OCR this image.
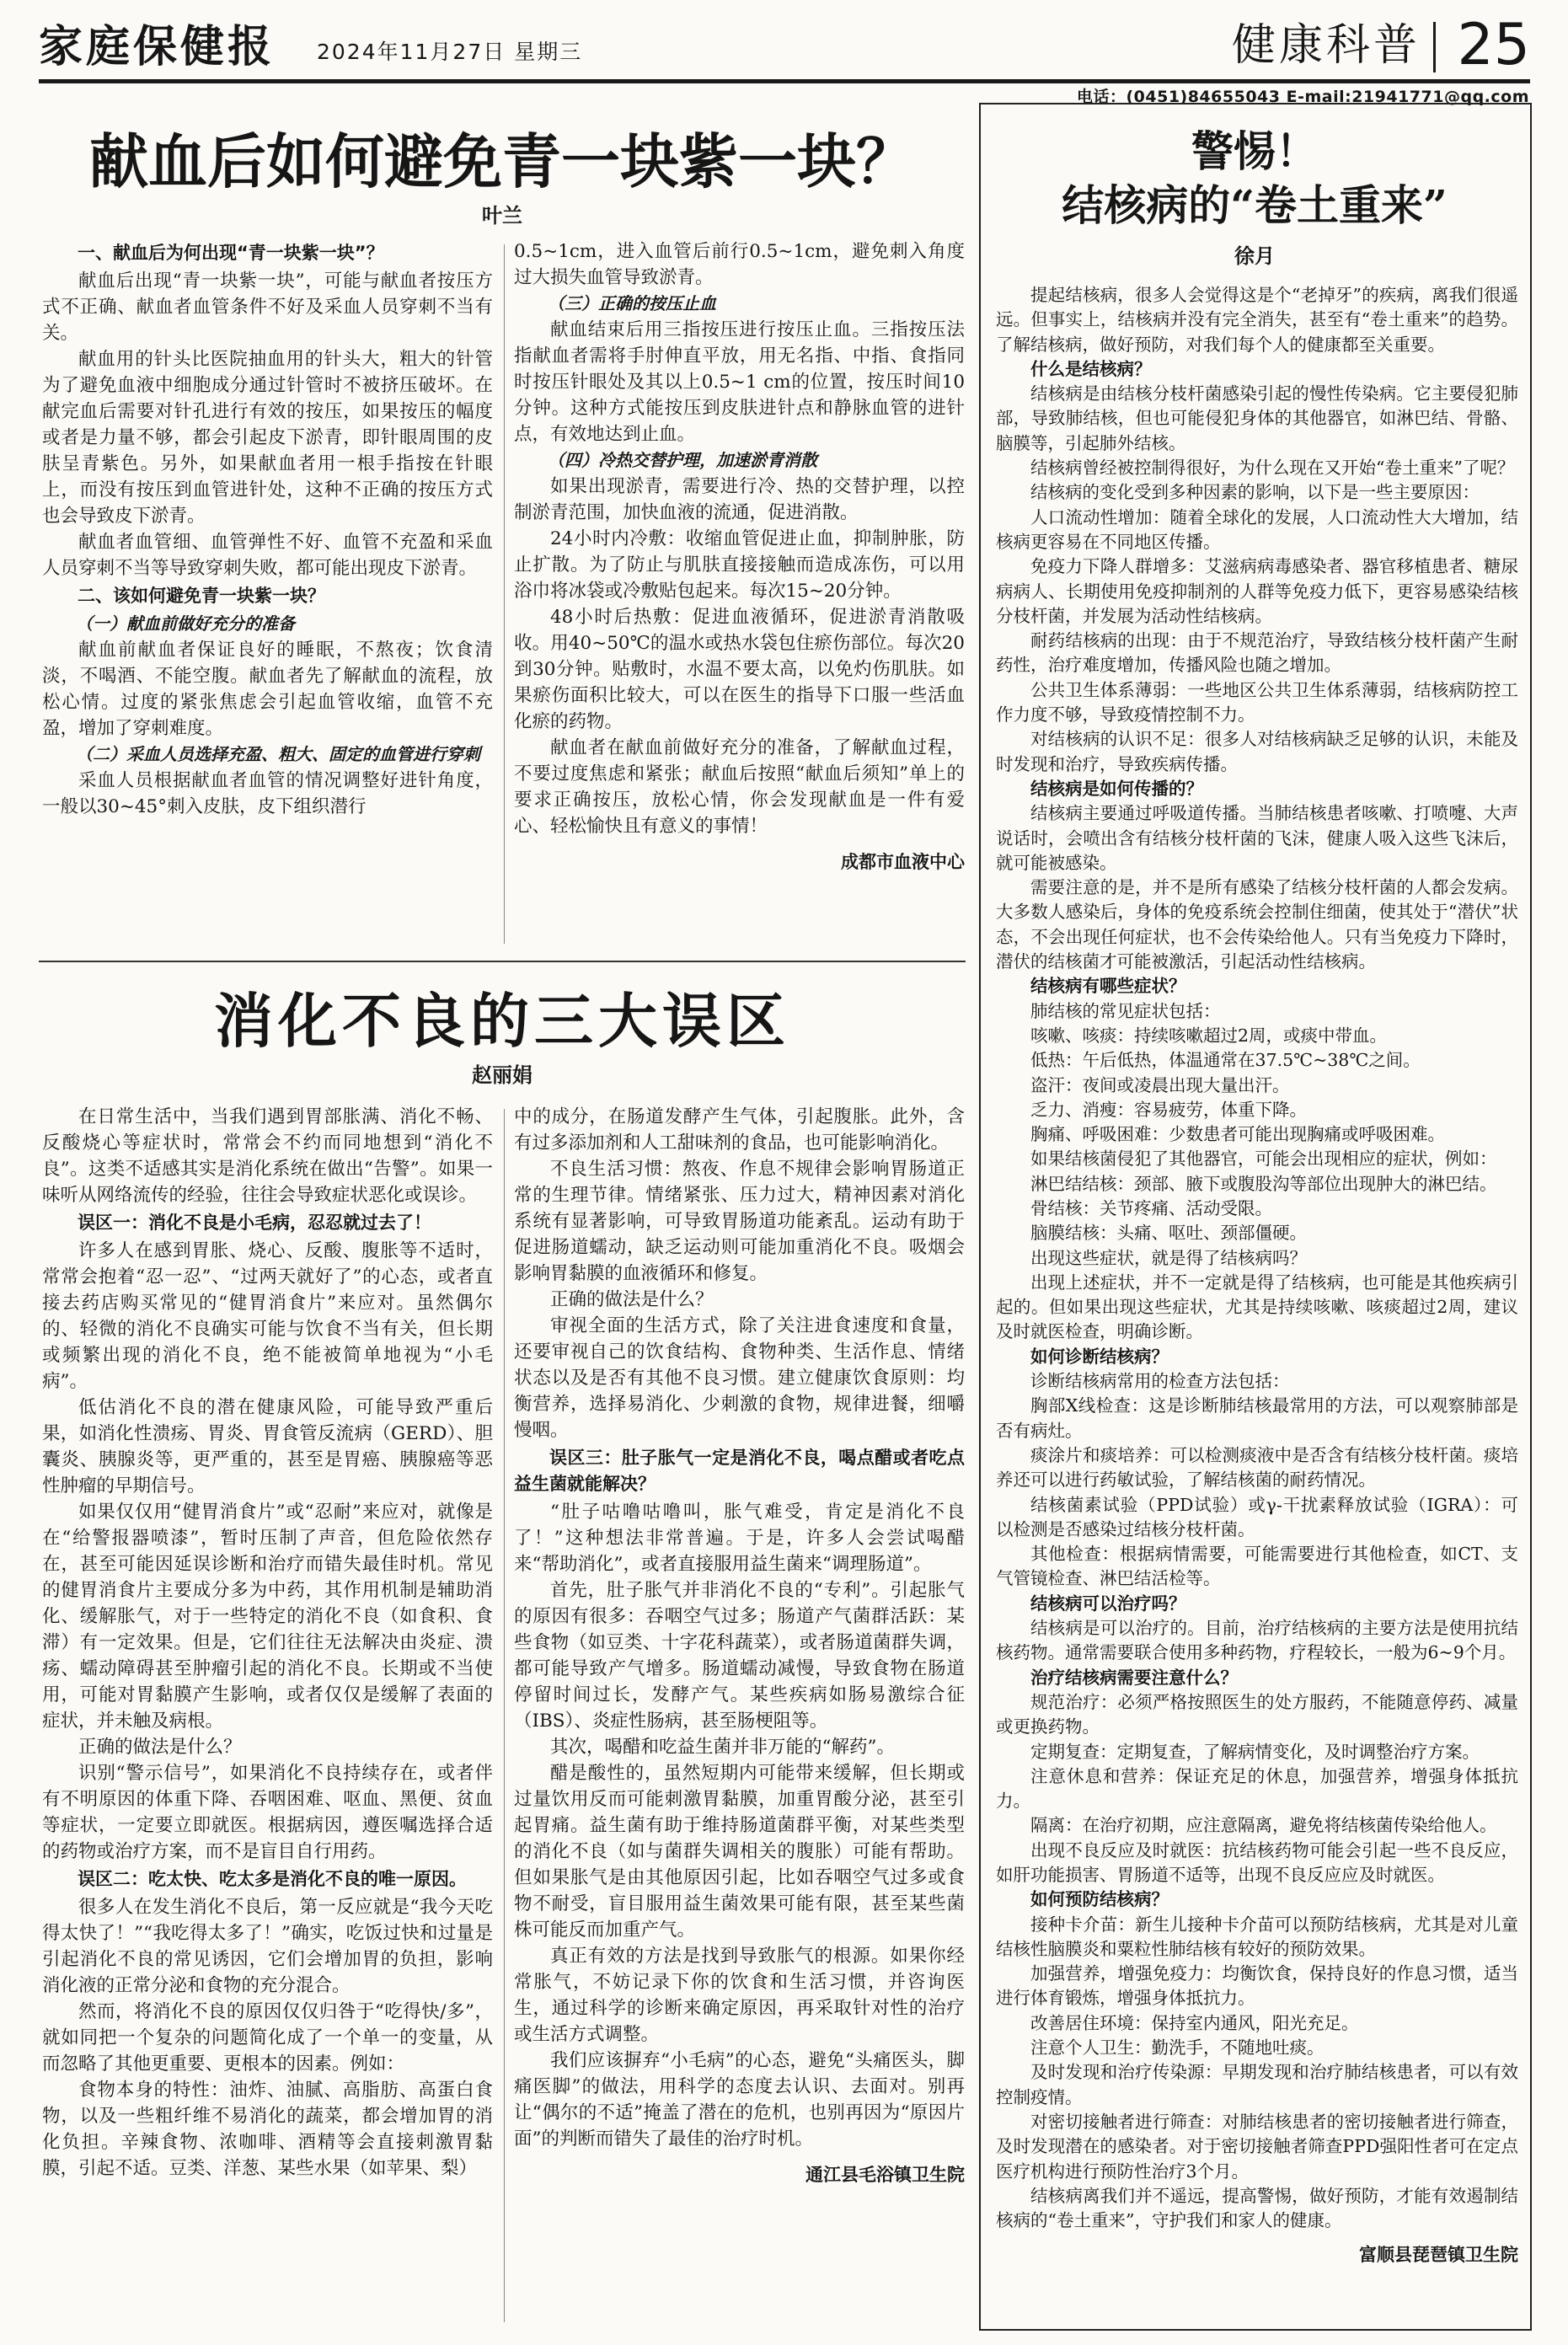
家庭保健报 2024年11月27日 星期三	健康科普 25
电话：(0451)84655043 E-mail:21941771@qq.com
献血后如何避免青一块紫一块？
叶兰
一、献血后为何出现“青一块紫一块”？

献血后出现“青一块紫一块”，可能与献血者按压方式不正确、献血者血管条件不好及采血人员穿刺不当有关。

献血用的针头比医院抽血用的针头大，粗大的针管为了避免血液中细胞成分通过针管时不被挤压破坏。在献完血后需要对针孔进行有效的按压，如果按压的幅度或者是力量不够，都会引起皮下淤青，即针眼周围的皮肤呈青紫色。另外，如果献血者用一根手指按在针眼上，而没有按压到血管进针处，这种不正确的按压方式也会导致皮下淤青。

献血者血管细、血管弹性不好、血管不充盈和采血人员穿刺不当等导致穿刺失败，都可能出现皮下淤青。

二、该如何避免青一块紫一块？
（一）献血前做好充分的准备

献血前献血者保证良好的睡眠，不熬夜；饮食清淡，不喝酒、不能空腹。献血者先了解献血的流程，放松心情。过度的紧张焦虑会引起血管收缩，血管不充盈，增加了穿刺难度。

（二）采血人员选择充盈、粗大、固定的血管进行穿刺

采血人员根据献血者血管的情况调整好进针角度，一般以30~45°刺入皮肤，皮下组织潜行

0.5~1cm，进入血管后前行0.5~1cm，避免刺入角度过大损失血管导致淤青。

（三）正确的按压止血

献血结束后用三指按压进行按压止血。三指按压法指献血者需将手肘伸直平放，用无名指、中指、食指同时按压针眼处及其以上0.5~1 cm的位置，按压时间10分钟。这种方式能按压到皮肤进针点和静脉血管的进针点，有效地达到止血。

（四）冷热交替护理，加速淤青消散

如果出现淤青，需要进行冷、热的交替护理，以控制淤青范围，加快血液的流通，促进消散。

24小时内冷敷：收缩血管促进止血，抑制肿胀，防止扩散。为了防止与肌肤直接接触而造成冻伤，可以用浴巾将冰袋或冷敷贴包起来。每次15~20分钟。

48小时后热敷：促进血液循环，促进淤青消散吸收。用40~50℃的温水或热水袋包住瘀伤部位。每次20到30分钟。贴敷时，水温不要太高，以免灼伤肌肤。如果瘀伤面积比较大，可以在医生的指导下口服一些活血化瘀的药物。

献血者在献血前做好充分的准备，了解献血过程，不要过度焦虑和紧张；献血后按照“献血后须知”单上的要求正确按压，放松心情，你会发现献血是一件有爱心、轻松愉快且有意义的事情！

成都市血液中心
消化不良的三大误区
赵丽娟

在日常生活中，当我们遇到胃部胀满、消化不畅、反酸烧心等症状时，常常会不约而同地想到“消化不良”。这类不适感其实是消化系统在做出“告警”。如果一味听从网络流传的经验，往往会导致症状恶化或误诊。

误区一：消化不良是小毛病，忍忍就过去了！

许多人在感到胃胀、烧心、反酸、腹胀等不适时，常常会抱着“忍一忍”、“过两天就好了”的心态，或者直接去药店购买常见的“健胃消食片”来应对。虽然偶尔的、轻微的消化不良确实可能与饮食不当有关，但长期或频繁出现的消化不良，绝不能被简单地视为“小毛病”。

低估消化不良的潜在健康风险，可能导致严重后果，如消化性溃疡、胃炎、胃食管反流病（GERD）、胆囊炎、胰腺炎等，更严重的，甚至是胃癌、胰腺癌等恶性肿瘤的早期信号。

如果仅仅用“健胃消食片”或“忍耐”来应对，就像是在“给警报器喷漆”，暂时压制了声音，但危险依然存在，甚至可能因延误诊断和治疗而错失最佳时机。常见的健胃消食片主要成分多为中药，其作用机制是辅助消化、缓解胀气，对于一些特定的消化不良（如食积、食滞）有一定效果。但是，它们往往无法解决由炎症、溃疡、蠕动障碍甚至肿瘤引起的消化不良。长期或不当使用，可能对胃黏膜产生影响，或者仅仅是缓解了表面的症状，并未触及病根。

正确的做法是什么？

识别“警示信号”，如果消化不良持续存在，或者伴有不明原因的体重下降、吞咽困难、呕血、黑便、贫血等症状，一定要立即就医。根据病因，遵医嘱选择合适的药物或治疗方案，而不是盲目自行用药。

误区二：吃太快、吃太多是消化不良的唯一原因。

很多人在发生消化不良后，第一反应就是“我今天吃得太快了！”“我吃得太多了！”确实，吃饭过快和过量是引起消化不良的常见诱因，它们会增加胃的负担，影响消化液的正常分泌和食物的充分混合。

然而，将消化不良的原因仅仅归咎于“吃得快/多”，就如同把一个复杂的问题简化成了一个单一的变量，从而忽略了其他更重要、更根本的因素。例如：

食物本身的特性：油炸、油腻、高脂肪、高蛋白食物，以及一些粗纤维不易消化的蔬菜，都会增加胃的消化负担。辛辣食物、浓咖啡、酒精等会直接刺激胃黏膜，引起不适。豆类、洋葱、某些水果（如苹果、梨）

中的成分，在肠道发酵产生气体，引起腹胀。此外，含有过多添加剂和人工甜味剂的食品，也可能影响消化。

不良生活习惯：熬夜、作息不规律会影响胃肠道正常的生理节律。情绪紧张、压力过大，精神因素对消化系统有显著影响，可导致胃肠道功能紊乱。运动有助于促进肠道蠕动，缺乏运动则可能加重消化不良。吸烟会影响胃黏膜的血液循环和修复。

正确的做法是什么？

审视全面的生活方式，除了关注进食速度和食量，还要审视自己的饮食结构、食物种类、生活作息、情绪状态以及是否有其他不良习惯。建立健康饮食原则：均衡营养，选择易消化、少刺激的食物，规律进餐，细嚼慢咽。

误区三：肚子胀气一定是消化不良，喝点醋或者吃点益生菌就能解决？

“肚子咕噜咕噜叫，胀气难受，肯定是消化不良了！”这种想法非常普遍。于是，许多人会尝试喝醋来“帮助消化”，或者直接服用益生菌来“调理肠道”。

首先，肚子胀气并非消化不良的“专利”。引起胀气的原因有很多：吞咽空气过多；肠道产气菌群活跃：某些食物（如豆类、十字花科蔬菜），或者肠道菌群失调，都可能导致产气增多。肠道蠕动减慢，导致食物在肠道停留时间过长，发酵产气。某些疾病如肠易激综合征（IBS）、炎症性肠病，甚至肠梗阻等。

其次，喝醋和吃益生菌并非万能的“解药”。

醋是酸性的，虽然短期内可能带来缓解，但长期或过量饮用反而可能刺激胃黏膜，加重胃酸分泌，甚至引起胃痛。益生菌有助于维持肠道菌群平衡，对某些类型的消化不良（如与菌群失调相关的腹胀）可能有帮助。但如果胀气是由其他原因引起，比如吞咽空气过多或食物不耐受，盲目服用益生菌效果可能有限，甚至某些菌株可能反而加重产气。

真正有效的方法是找到导致胀气的根源。如果你经常胀气，不妨记录下你的饮食和生活习惯，并咨询医生，通过科学的诊断来确定原因，再采取针对性的治疗或生活方式调整。

我们应该摒弃“小毛病”的心态，避免“头痛医头，脚痛医脚”的做法，用科学的态度去认识、去面对。别再让“偶尔的不适”掩盖了潜在的危机，也别再因为“原因片面”的判断而错失了最佳的治疗时机。

通江县毛浴镇卫生院
警惕！
结核病的“卷土重来”
徐月

提起结核病，很多人会觉得这是个“老掉牙”的疾病，离我们很遥远。但事实上，结核病并没有完全消失，甚至有“卷土重来”的趋势。了解结核病，做好预防，对我们每个人的健康都至关重要。

什么是结核病？

结核病是由结核分枝杆菌感染引起的慢性传染病。它主要侵犯肺部，导致肺结核，但也可能侵犯身体的其他器官，如淋巴结、骨骼、脑膜等，引起肺外结核。

结核病曾经被控制得很好，为什么现在又开始“卷土重来”了呢？

结核病的变化受到多种因素的影响，以下是一些主要原因：

人口流动性增加：随着全球化的发展，人口流动性大大增加，结核病更容易在不同地区传播。

免疫力下降人群增多：艾滋病病毒感染者、器官移植患者、糖尿病病人、长期使用免疫抑制剂的人群等免疫力低下，更容易感染结核分枝杆菌，并发展为活动性结核病。

耐药结核病的出现：由于不规范治疗，导致结核分枝杆菌产生耐药性，治疗难度增加，传播风险也随之增加。

公共卫生体系薄弱：一些地区公共卫生体系薄弱，结核病防控工作力度不够，导致疫情控制不力。

对结核病的认识不足：很多人对结核病缺乏足够的认识，未能及时发现和治疗，导致疾病传播。

结核病是如何传播的？

结核病主要通过呼吸道传播。当肺结核患者咳嗽、打喷嚏、大声说话时，会喷出含有结核分枝杆菌的飞沫，健康人吸入这些飞沫后，就可能被感染。

需要注意的是，并不是所有感染了结核分枝杆菌的人都会发病。大多数人感染后，身体的免疫系统会控制住细菌，使其处于“潜伏”状态，不会出现任何症状，也不会传染给他人。只有当免疫力下降时，潜伏的结核菌才可能被激活，引起活动性结核病。

结核病有哪些症状？

肺结核的常见症状包括：

咳嗽、咳痰：持续咳嗽超过2周，或痰中带血。

低热：午后低热，体温通常在37.5℃~38℃之间。

盗汗：夜间或凌晨出现大量出汗。

乏力、消瘦：容易疲劳，体重下降。

胸痛、呼吸困难：少数患者可能出现胸痛或呼吸困难。

如果结核菌侵犯了其他器官，可能会出现相应的症状，例如：

淋巴结结核：颈部、腋下或腹股沟等部位出现肿大的淋巴结。

骨结核：关节疼痛、活动受限。

脑膜结核：头痛、呕吐、颈部僵硬。

出现这些症状，就是得了结核病吗？

出现上述症状，并不一定就是得了结核病，也可能是其他疾病引起的。但如果出现这些症状，尤其是持续咳嗽、咳痰超过2周，建议及时就医检查，明确诊断。

如何诊断结核病？

诊断结核病常用的检查方法包括：

胸部X线检查：这是诊断肺结核最常用的方法，可以观察肺部是否有病灶。

痰涂片和痰培养：可以检测痰液中是否含有结核分枝杆菌。痰培养还可以进行药敏试验，了解结核菌的耐药情况。

结核菌素试验（PPD试验）或γ-干扰素释放试验（IGRA）：可以检测是否感染过结核分枝杆菌。

其他检查：根据病情需要，可能需要进行其他检查，如CT、支气管镜检查、淋巴结活检等。

结核病可以治疗吗？

结核病是可以治疗的。目前，治疗结核病的主要方法是使用抗结核药物。通常需要联合使用多种药物，疗程较长，一般为6~9个月。

治疗结核病需要注意什么？

规范治疗：必须严格按照医生的处方服药，不能随意停药、减量或更换药物。

定期复查：定期复查，了解病情变化，及时调整治疗方案。

注意休息和营养：保证充足的休息，加强营养，增强身体抵抗力。

隔离：在治疗初期，应注意隔离，避免将结核菌传染给他人。

出现不良反应及时就医：抗结核药物可能会引起一些不良反应，如肝功能损害、胃肠道不适等，出现不良反应应及时就医。

如何预防结核病？

接种卡介苗：新生儿接种卡介苗可以预防结核病，尤其是对儿童结核性脑膜炎和粟粒性肺结核有较好的预防效果。

加强营养，增强免疫力：均衡饮食，保持良好的作息习惯，适当进行体育锻炼，增强身体抵抗力。

改善居住环境：保持室内通风，阳光充足。

注意个人卫生：勤洗手，不随地吐痰。

及时发现和治疗传染源：早期发现和治疗肺结核患者，可以有效控制疫情。

对密切接触者进行筛查：对肺结核患者的密切接触者进行筛查，及时发现潜在的感染者。对于密切接触者筛查PPD强阳性者可在定点医疗机构进行预防性治疗3个月。

结核病离我们并不遥远，提高警惕，做好预防，才能有效遏制结核病的“卷土重来”，守护我们和家人的健康。

富顺县琵琶镇卫生院
